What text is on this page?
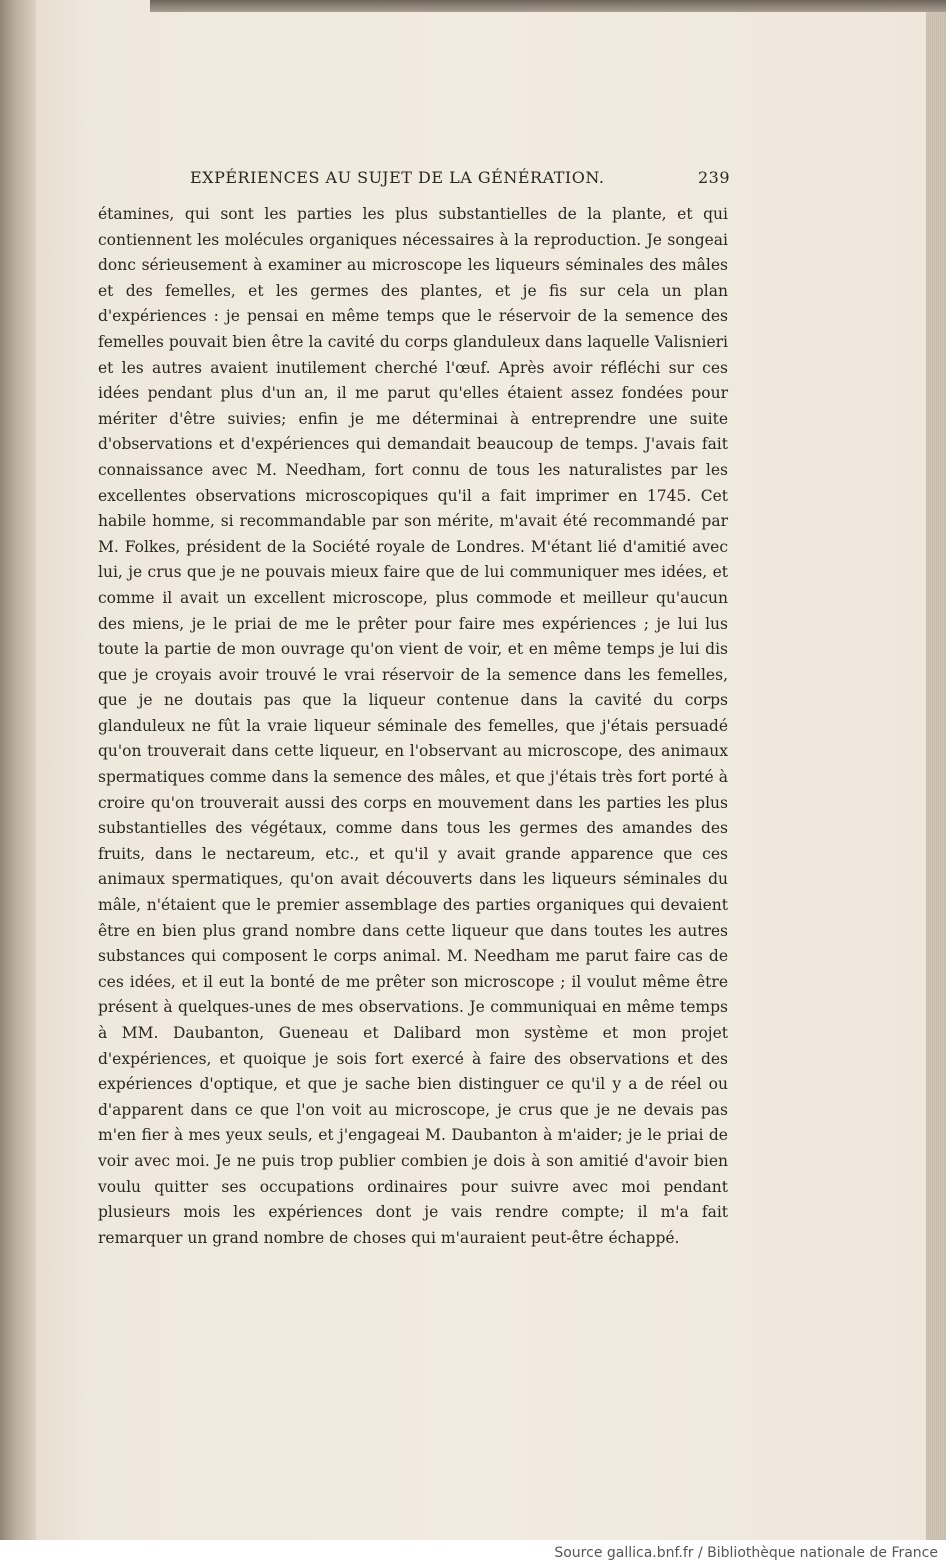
EXPÉRIENCES AU SUJET DE LA GÉNÉRATION.	239

étamines, qui sont les parties les plus substantielles de la plante, et qui contiennent les molécules organiques nécessaires à la reproduction. Je songeai donc sérieusement à examiner au microscope les liqueurs séminales des mâles et des femelles, et les germes des plantes, et je fis sur cela un plan d'expériences : je pensai en même temps que le réservoir de la semence des femelles pouvait bien être la cavité du corps glanduleux dans laquelle Valisnieri et les autres avaient inutilement cherché l'œuf. Après avoir réfléchi sur ces idées pendant plus d'un an, il me parut qu'elles étaient assez fondées pour mériter d'être suivies; enfin je me déterminai à entreprendre une suite d'observations et d'expériences qui demandait beaucoup de temps. J'avais fait connaissance avec M. Needham, fort connu de tous les naturalistes par les excellentes observations microscopiques qu'il a fait imprimer en 1745. Cet habile homme, si recommandable par son mérite, m'avait été recommandé par M. Folkes, président de la Société royale de Londres. M'étant lié d'amitié avec lui, je crus que je ne pouvais mieux faire que de lui communiquer mes idées, et comme il avait un excellent microscope, plus commode et meilleur qu'aucun des miens, je le priai de me le prêter pour faire mes expériences ; je lui lus toute la partie de mon ouvrage qu'on vient de voir, et en même temps je lui dis que je croyais avoir trouvé le vrai réservoir de la semence dans les femelles, que je ne doutais pas que la liqueur contenue dans la cavité du corps glanduleux ne fût la vraie liqueur séminale des femelles, que j'étais persuadé qu'on trouverait dans cette liqueur, en l'observant au microscope, des animaux spermatiques comme dans la semence des mâles, et que j'étais très fort porté à croire qu'on trouverait aussi des corps en mouvement dans les parties les plus substantielles des végétaux, comme dans tous les germes des amandes des fruits, dans le nectareum, etc., et qu'il y avait grande apparence que ces animaux spermatiques, qu'on avait découverts dans les liqueurs séminales du mâle, n'étaient que le premier assemblage des parties organiques qui devaient être en bien plus grand nombre dans cette liqueur que dans toutes les autres substances qui composent le corps animal. M. Needham me parut faire cas de ces idées, et il eut la bonté de me prêter son microscope ; il voulut même être présent à quelques-unes de mes observations. Je communiquai en même temps à MM. Daubanton, Gueneau et Dalibard mon système et mon projet d'expériences, et quoique je sois fort exercé à faire des observations et des expériences d'optique, et que je sache bien distinguer ce qu'il y a de réel ou d'apparent dans ce que l'on voit au microscope, je crus que je ne devais pas m'en fier à mes yeux seuls, et j'engageai M. Daubanton à m'aider; je le priai de voir avec moi. Je ne puis trop publier combien je dois à son amitié d'avoir bien voulu quitter ses occupations ordinaires pour suivre avec moi pendant plusieurs mois les expériences dont je vais rendre compte; il m'a fait remarquer un grand nombre de choses qui m'auraient peut-être échappé.

Source gallica.bnf.fr / Bibliothèque nationale de France
